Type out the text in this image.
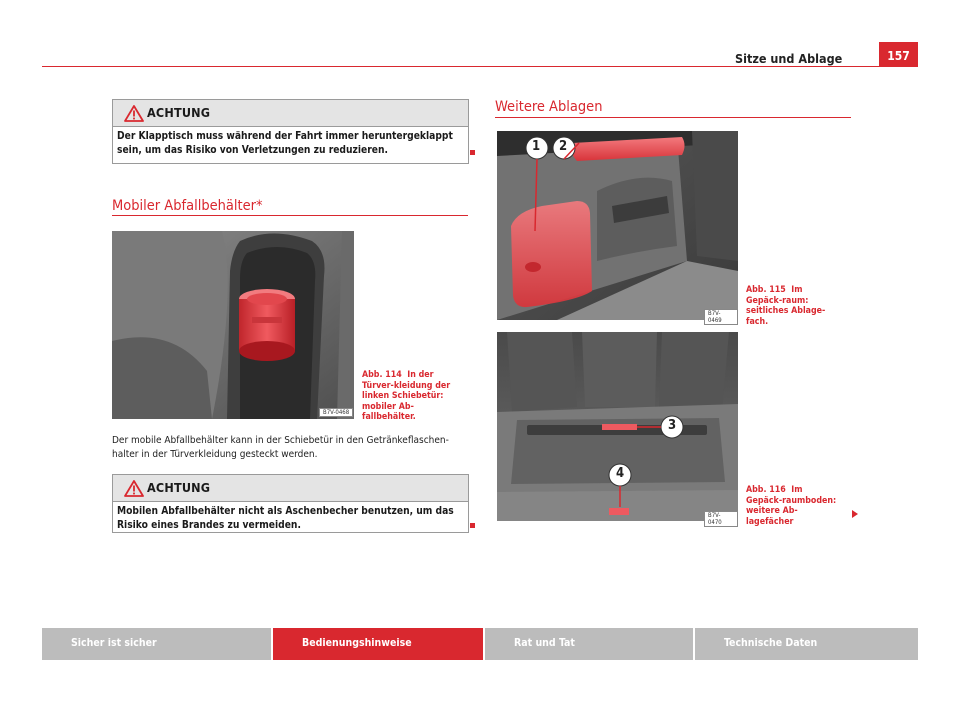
Sitze und Ablage	157
ACHTUNG
Der Klapptisch muss während der Fahrt immer heruntergeklappt sein, um das Risiko von Verletzungen zu reduzieren.
Mobiler Abfallbehälter*
B7V-0468
Abb. 114 In der Türver-kleidung der linken Schiebetür: mobiler Ab-fallbehälter.
Der mobile Abfallbehälter kann in der Schiebetür in den Getränkeflaschen-halter in der Türverkleidung gesteckt werden.
ACHTUNG
Mobilen Abfallbehälter nicht als Aschenbecher benutzen, um das Risiko eines Brandes zu vermeiden.
Weitere Ablagen
1 2
B7V-0469
Abb. 115 Im Gepäck-raum: seitliches Ablage-fach.
3
4
B7V-0470
Abb. 116 Im Gepäck-raumboden: weitere Ab-lagefächer
Sicher ist sicher	Bedienungshinweise	Rat und Tat	Technische Daten
